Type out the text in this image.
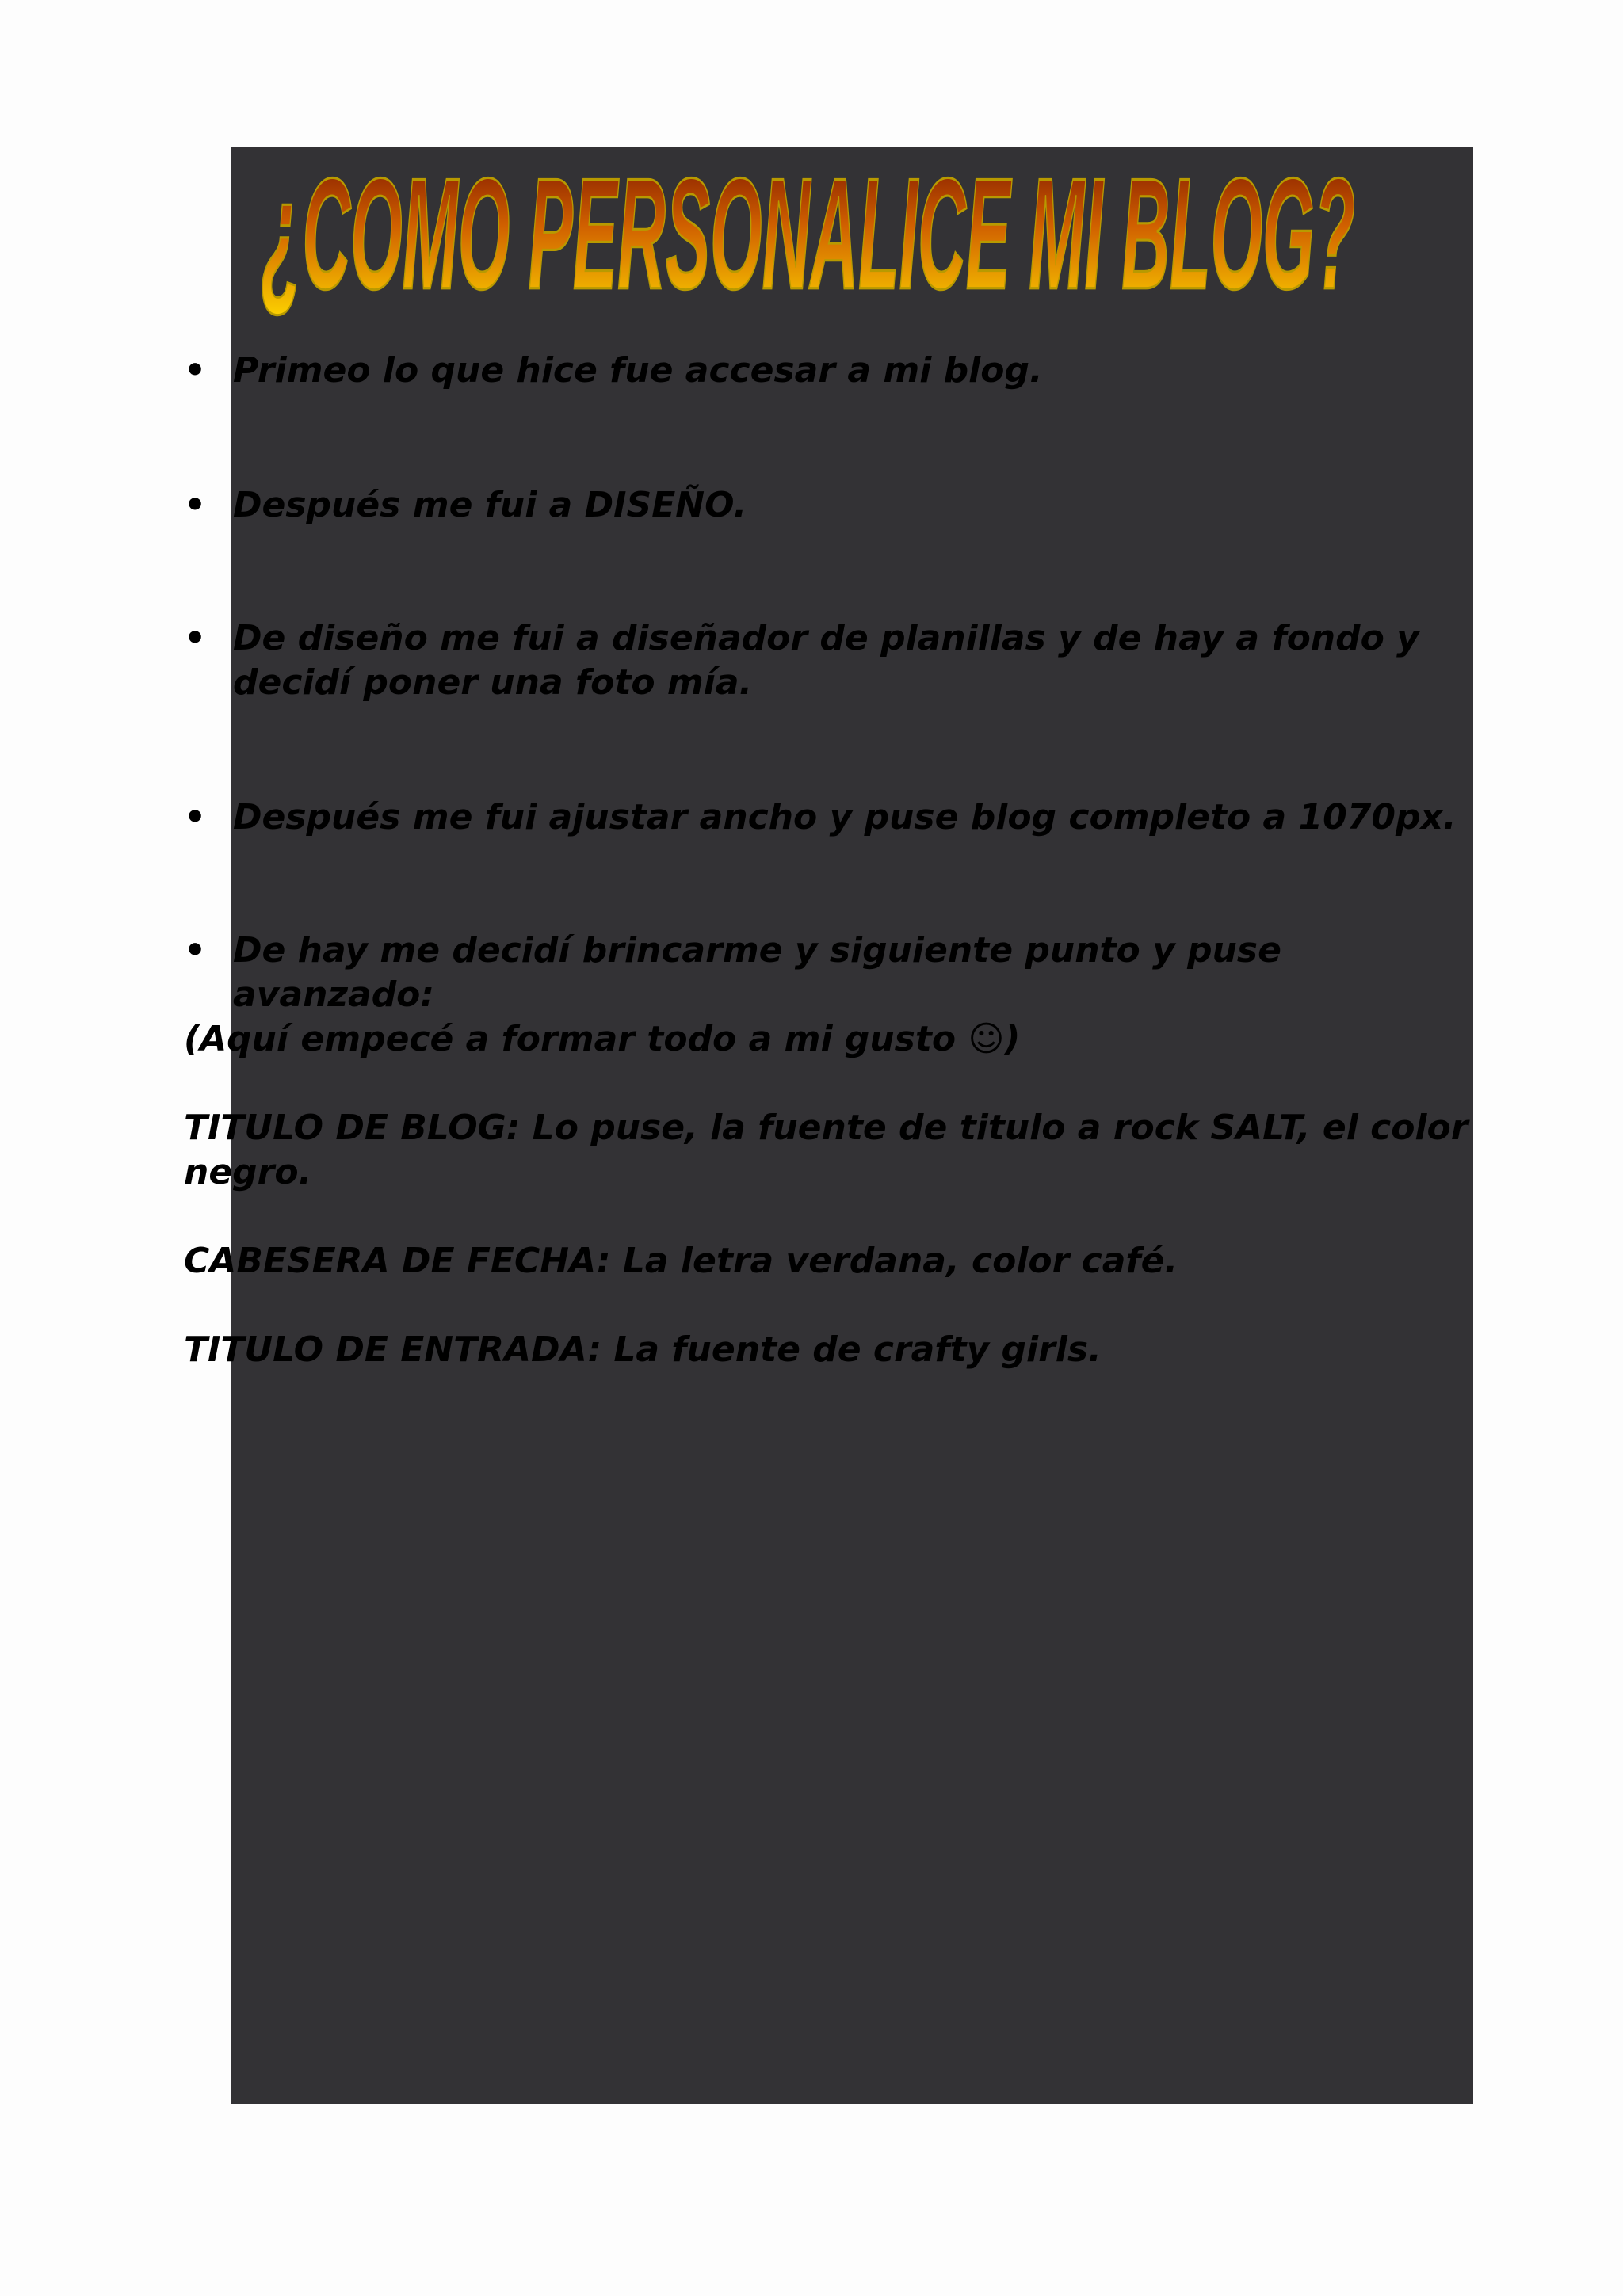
¿COMO PERSONALICE MI BLOG?
• Primeo lo que hice fue accesar a mi blog.
• Después me fui a DISEÑO.
• De diseño me fui a diseñador de planillas y de hay a fondo y decidí poner una foto mía.
• Después me fui ajustar ancho y puse blog completo a 1070px.
• De hay me decidí brincarme y siguiente punto y puse avanzado:

(Aquí empecé a formar todo a mi gusto ☺)

TITULO DE BLOG: Lo puse, la fuente de titulo a rock SALT, el color negro.

CABESERA DE FECHA: La letra verdana, color café.

TITULO DE ENTRADA: La fuente de crafty girls.
